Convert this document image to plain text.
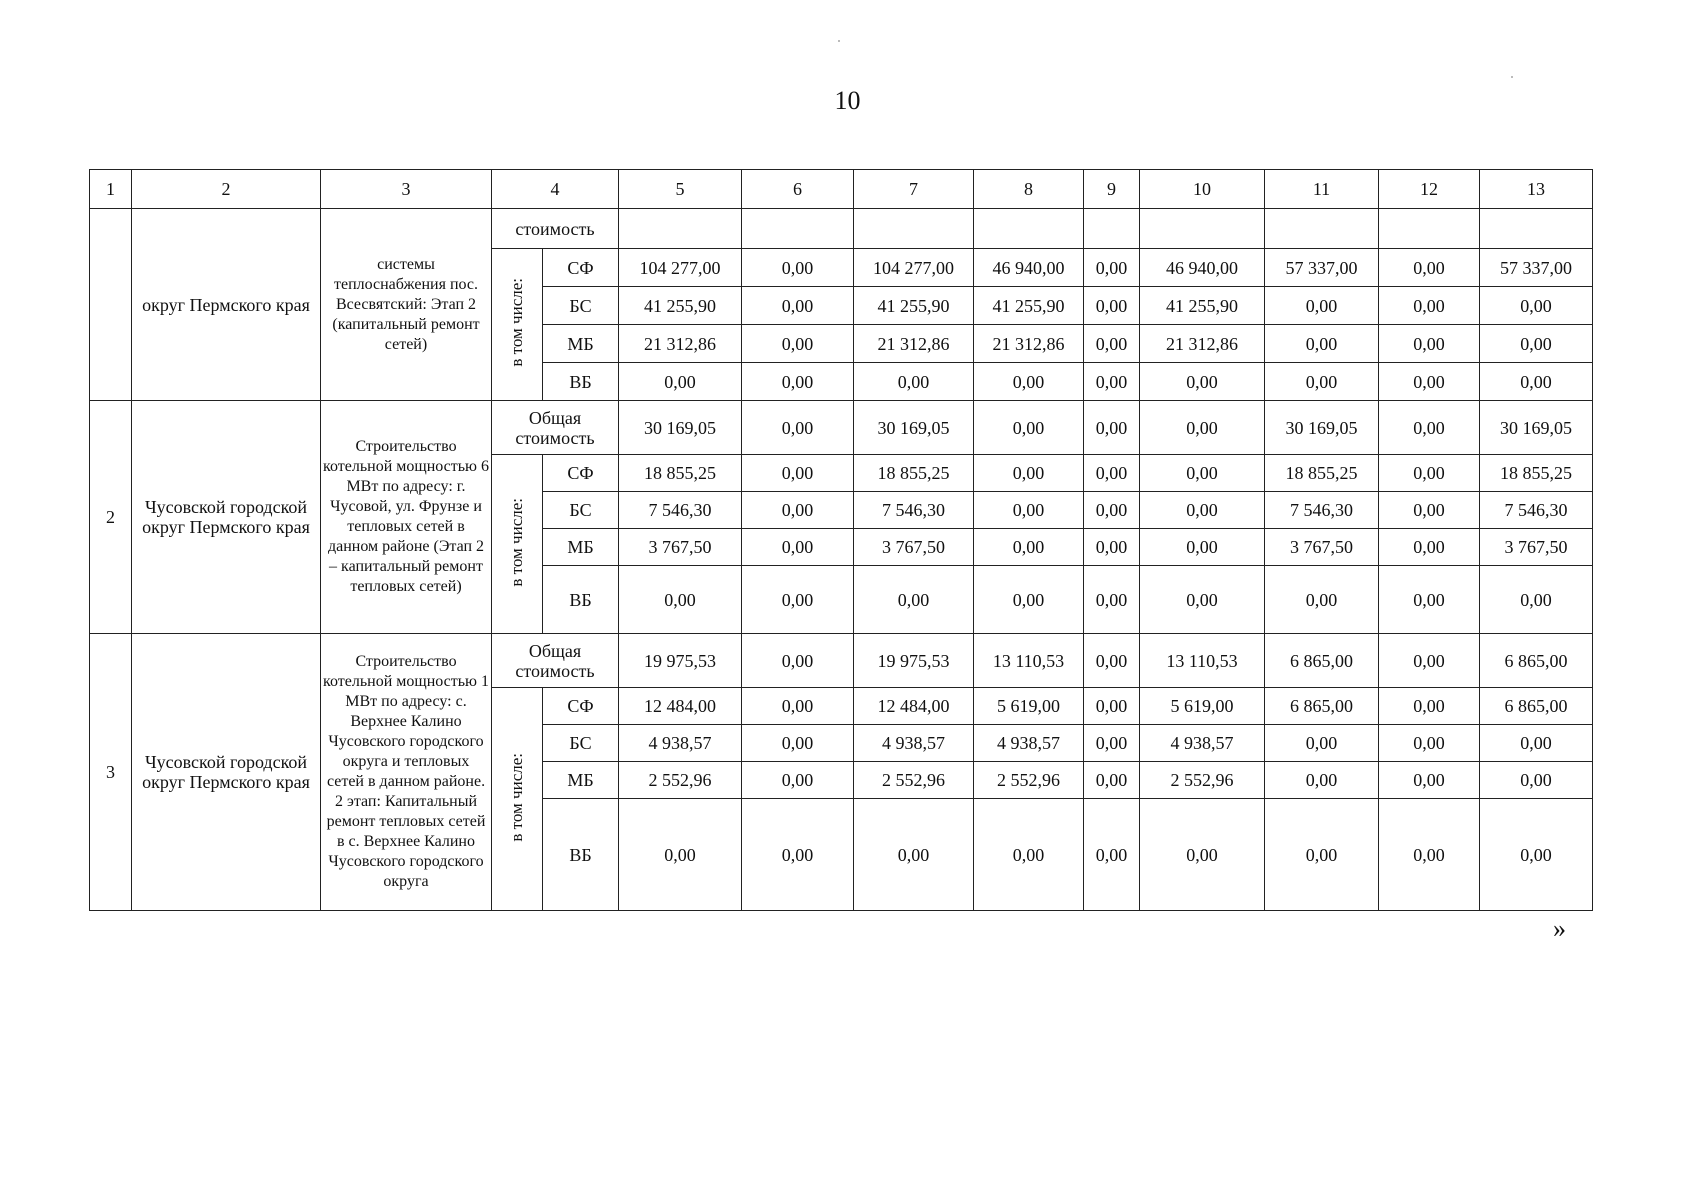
10
1	2	3	4		5	6	7	8	9	10	11	12	13
	округ Пермского края	системы теплоснабжения пос. Всесвятский: Этап 2 (капитальный ремонт сетей)	стоимость										
			в том числе:	СФ	104 277,00	0,00	104 277,00	46 940,00	0,00	46 940,00	57 337,00	0,00	57 337,00
				БС	41 255,90	0,00	41 255,90	41 255,90	0,00	41 255,90	0,00	0,00	0,00
				МБ	21 312,86	0,00	21 312,86	21 312,86	0,00	21 312,86	0,00	0,00	0,00
				ВБ	0,00	0,00	0,00	0,00	0,00	0,00	0,00	0,00	0,00
2	Чусовской городской округ Пермского края	Строительство котельной мощностью 6 МВт по адресу: г. Чусовой, ул. Фрунзе и тепловых сетей в данном районе (Этап 2 – капитальный ремонт тепловых сетей)	Общая стоимость		30 169,05	0,00	30 169,05	0,00	0,00	0,00	30 169,05	0,00	30 169,05
			в том числе:	СФ	18 855,25	0,00	18 855,25	0,00	0,00	0,00	18 855,25	0,00	18 855,25
				БС	7 546,30	0,00	7 546,30	0,00	0,00	0,00	7 546,30	0,00	7 546,30
				МБ	3 767,50	0,00	3 767,50	0,00	0,00	0,00	3 767,50	0,00	3 767,50
				ВБ	0,00	0,00	0,00	0,00	0,00	0,00	0,00	0,00	0,00
3	Чусовской городской округ Пермского края	Строительство котельной мощностью 1 МВт по адресу: с. Верхнее Калино Чусовского городского округа и тепловых сетей в данном районе. 2 этап: Капитальный ремонт тепловых сетей в с. Верхнее Калино Чусовского городского округа	Общая стоимость		19 975,53	0,00	19 975,53	13 110,53	0,00	13 110,53	6 865,00	0,00	6 865,00
			в том числе:	СФ	12 484,00	0,00	12 484,00	5 619,00	0,00	5 619,00	6 865,00	0,00	6 865,00
				БС	4 938,57	0,00	4 938,57	4 938,57	0,00	4 938,57	0,00	0,00	0,00
				МБ	2 552,96	0,00	2 552,96	2 552,96	0,00	2 552,96	0,00	0,00	0,00
				ВБ	0,00	0,00	0,00	0,00	0,00	0,00	0,00	0,00	0,00
»
